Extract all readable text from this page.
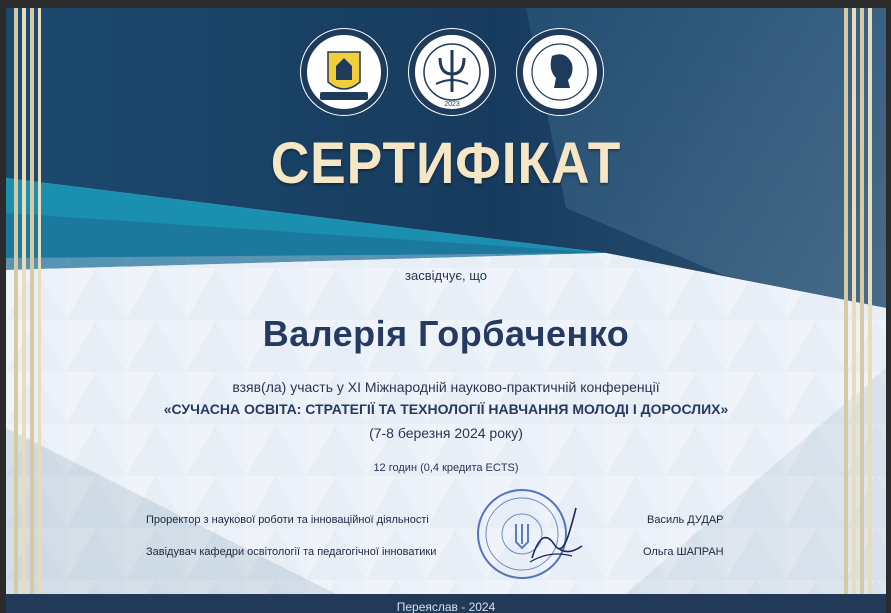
2023
СЕРТИФІКАТ
засвідчує, що
Валерія Горбаченко
взяв(ла) участь у ХІ Міжнародній науково-практичній конференції
«СУЧАСНА ОСВІТА: СТРАТЕГІЇ ТА ТЕХНОЛОГІЇ НАВЧАННЯ МОЛОДІ І ДОРОСЛИХ»
(7-8 березня 2024 року)
12 годин (0,4 кредита ECTS)
Проректор з наукової роботи та інноваційної діяльності	Василь ДУДАР
Завідувач кафедри освітології та педагогічної інноватики	Ольга ШАПРАН
Переяслав - 2024
